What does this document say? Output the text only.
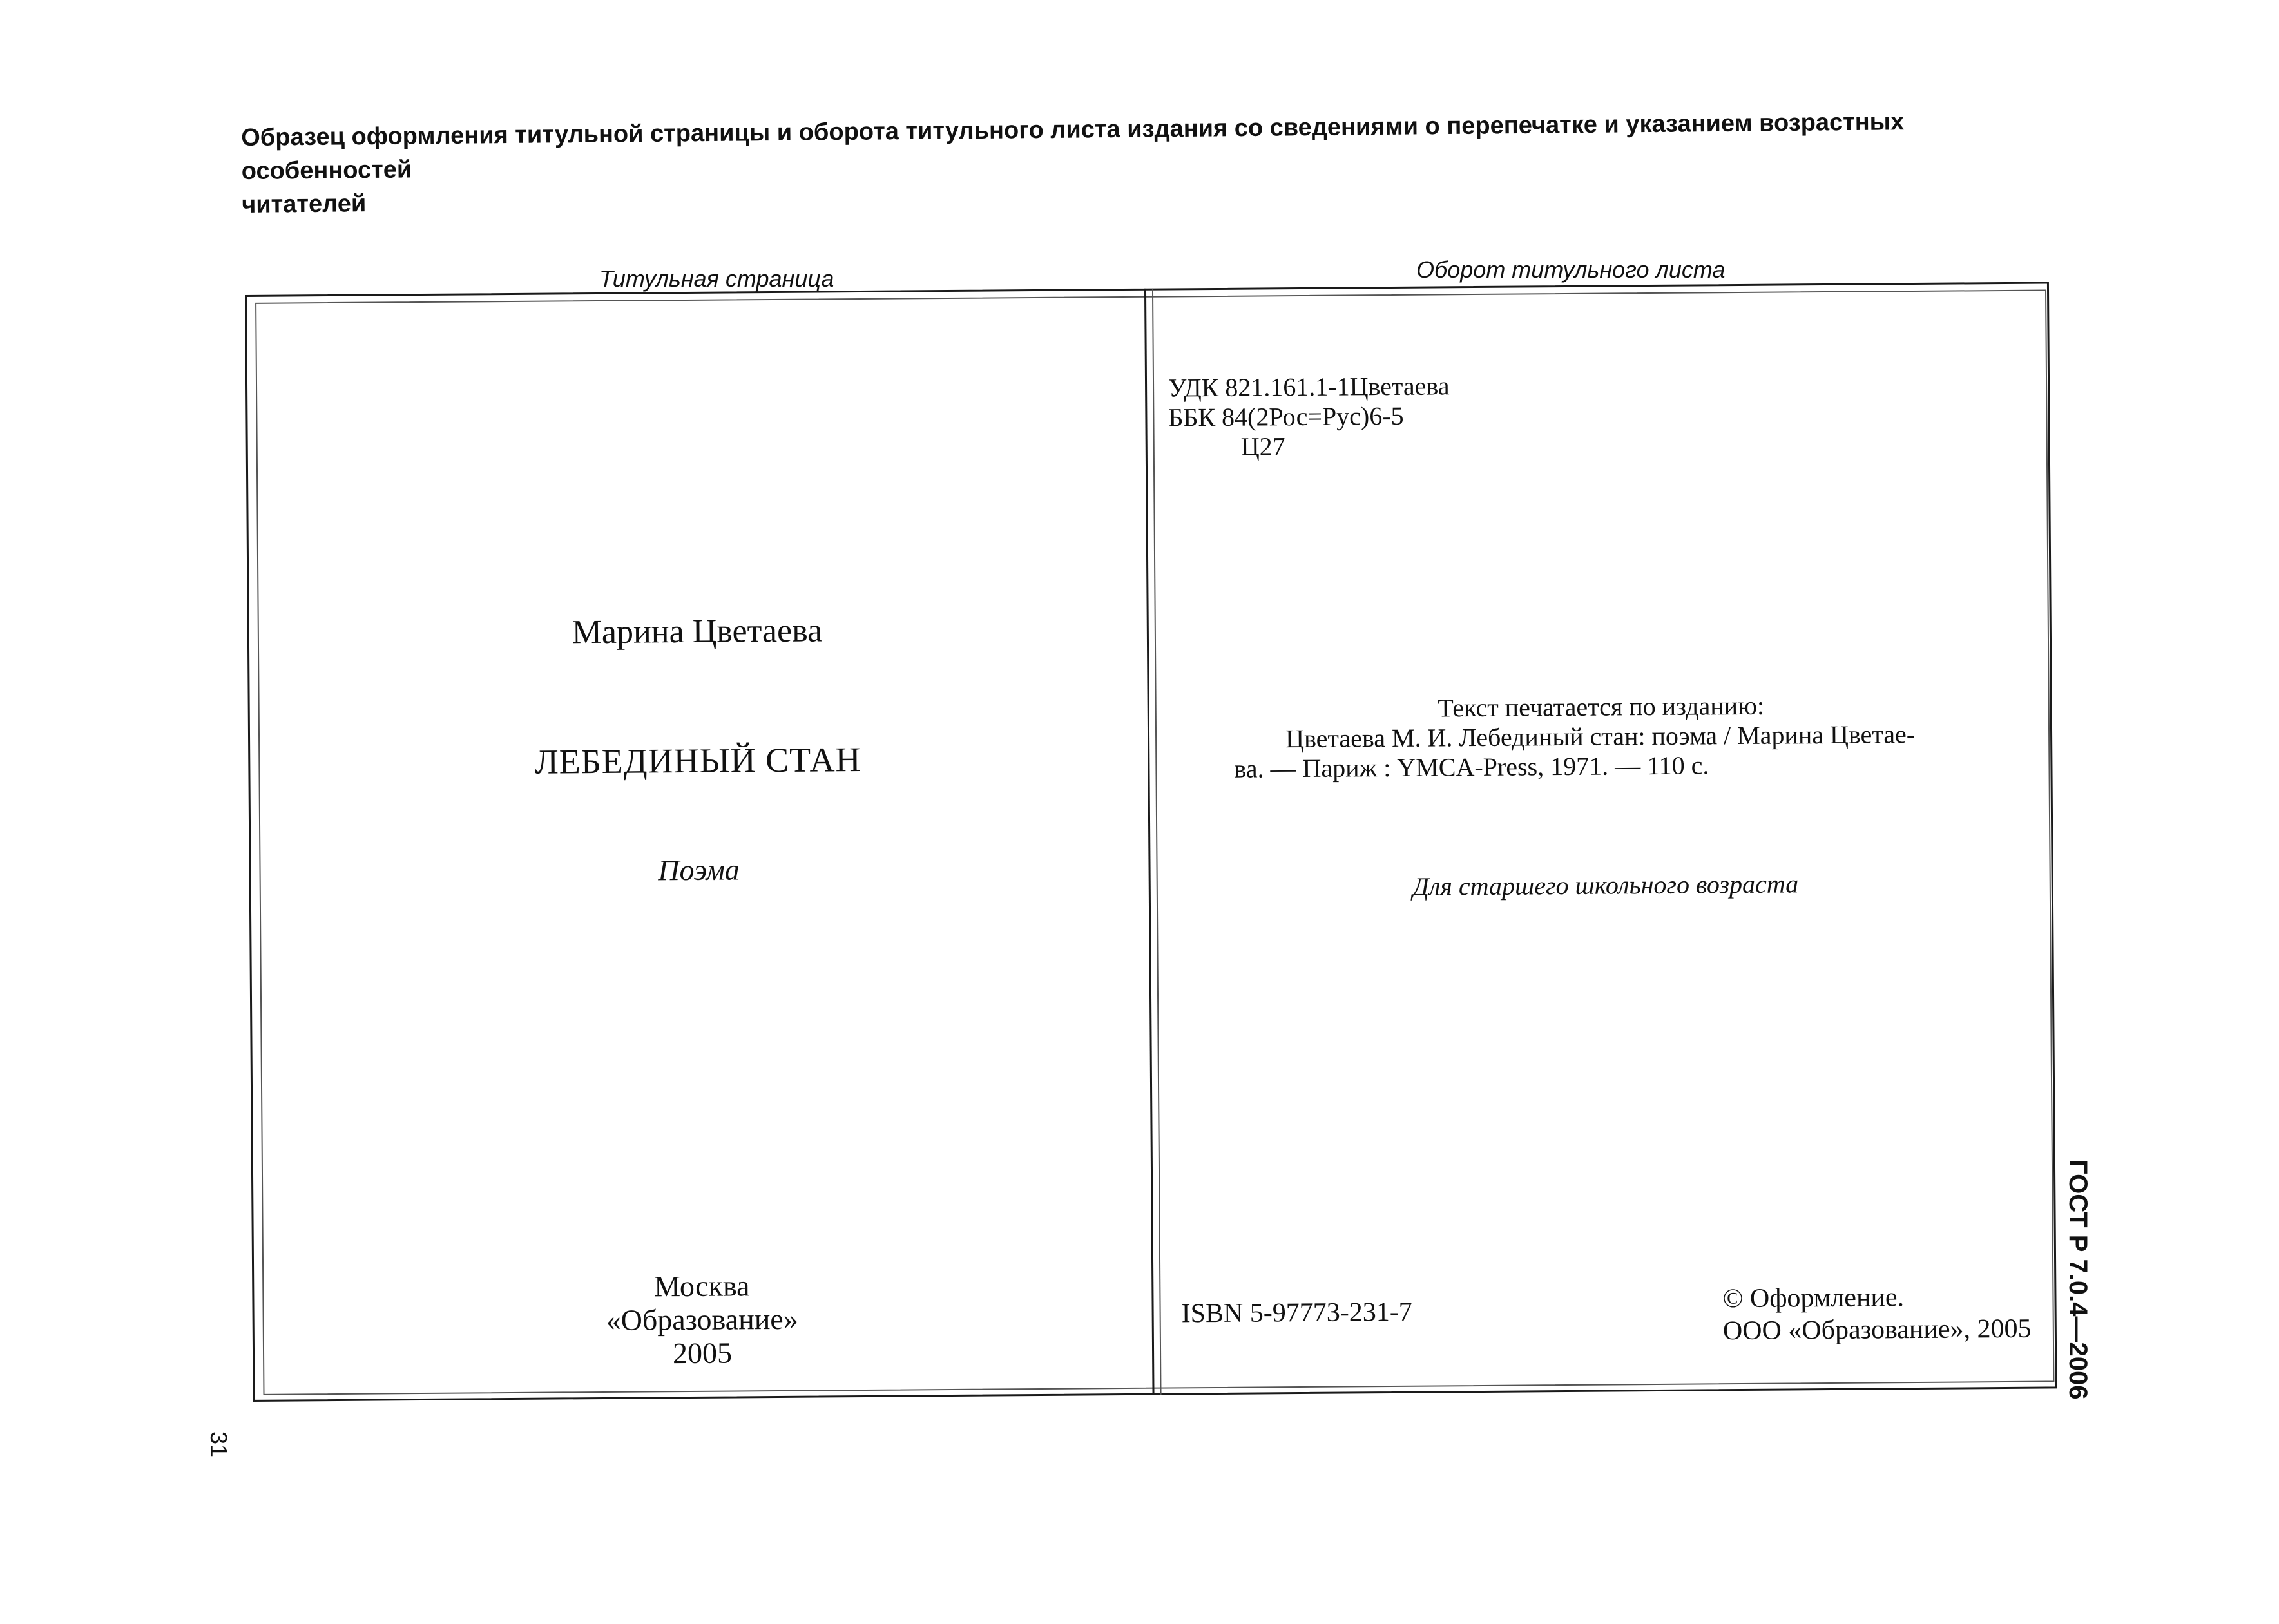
Образец оформления титульной страницы и оборота титульного листа издания со сведениями о перепечатке и указанием возрастных особенностей
читателей
Титульная страница	Оборот титульного листа
Марина Цветаева
ЛЕБЕДИНЫЙ СТАН
Поэма
Москва
«Образование»
2005
УДК 821.161.1-1Цветаева
ББК 84(2Рос=Рус)6-5
Ц27
Текст печатается по изданию:
Цветаева М. И. Лебединый стан: поэма / Марина Цветае-
ва. — Париж : YMCA-Press, 1971. — 110 с.
Для старшего школьного возраста
ISBN 5-97773-231-7	© Оформление.
ООО «Образование», 2005 ГОСТ Р 7.0.4—2006
31
